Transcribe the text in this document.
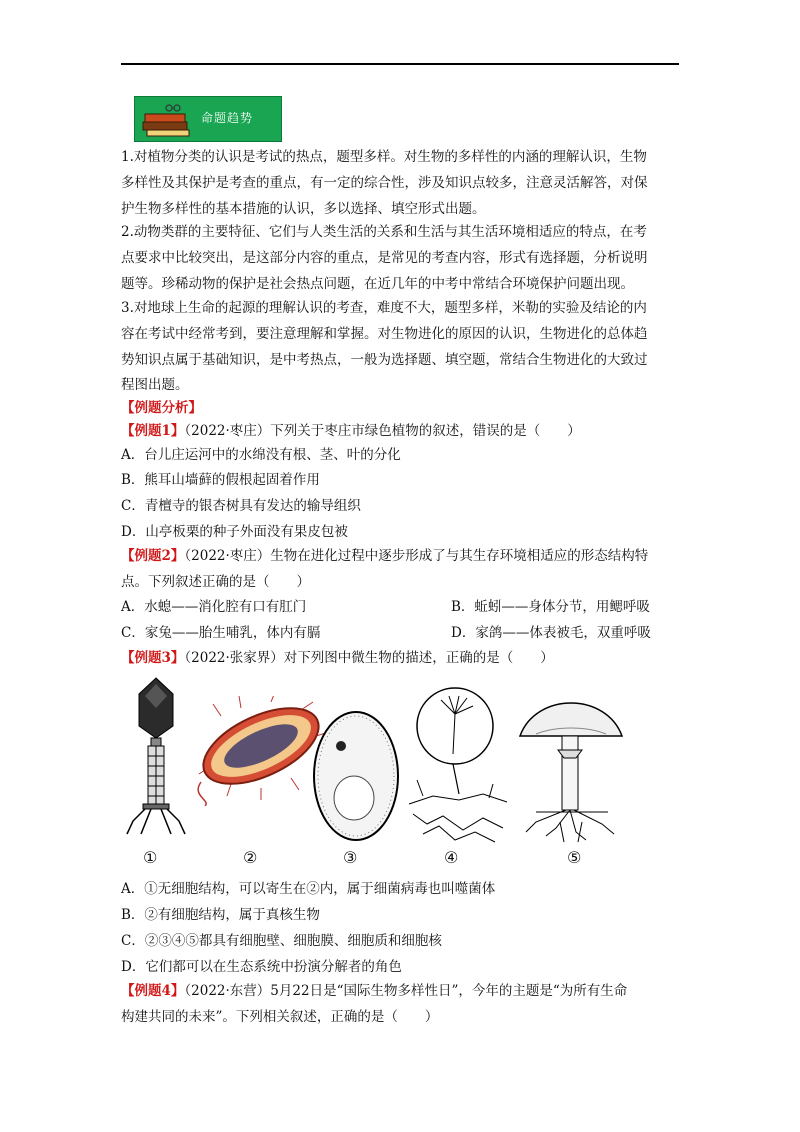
命题趋势
1.对植物分类的认识是考试的热点，题型多样。对生物的多样性的内涵的理解认识，生物
多样性及其保护是考查的重点，有一定的综合性，涉及知识点较多，注意灵活解答，对保
护生物多样性的基本措施的认识，多以选择、填空形式出题。
2.动物类群的主要特征、它们与人类生活的关系和生活与其生活环境相适应的特点，在考
点要求中比较突出，是这部分内容的重点，是常见的考查内容，形式有选择题，分析说明
题等。珍稀动物的保护是社会热点问题，在近几年的中考中常结合环境保护问题出现。
3.对地球上生命的起源的理解认识的考查，难度不大，题型多样，米勒的实验及结论的内
容在考试中经常考到，要注意理解和掌握。对生物进化的原因的认识，生物进化的总体趋
势知识点属于基础知识，是中考热点，一般为选择题、填空题，常结合生物进化的大致过
程图出题。
【例题分析】
【例题1】（2022·枣庄）下列关于枣庄市绿色植物的叙述，错误的是（　　）
A．台儿庄运河中的水绵没有根、茎、叶的分化
B．熊耳山墙藓的假根起固着作用
C．青檀寺的银杏树具有发达的输导组织
D．山亭板栗的种子外面没有果皮包被
【例题2】（2022·枣庄）生物在进化过程中逐步形成了与其生存环境相适应的形态结构特
点。下列叙述正确的是（　　）
A．水螅——消化腔有口有肛门	B．蚯蚓——身体分节，用鳃呼吸
C．家兔——胎生哺乳，体内有膈	D．家鸽——体表被毛，双重呼吸
【例题3】（2022·张家界）对下列图中微生物的描述，正确的是（　　）
①	②	③	④	⑤
A．①无细胞结构，可以寄生在②内，属于细菌病毒也叫噬菌体
B．②有细胞结构，属于真核生物
C．②③④⑤都具有细胞壁、细胞膜、细胞质和细胞核
D．它们都可以在生态系统中扮演分解者的角色
【例题4】（2022·东营）5月22日是“国际生物多样性日”，今年的主题是“为所有生命
构建共同的未来”。下列相关叙述，正确的是（　　）
